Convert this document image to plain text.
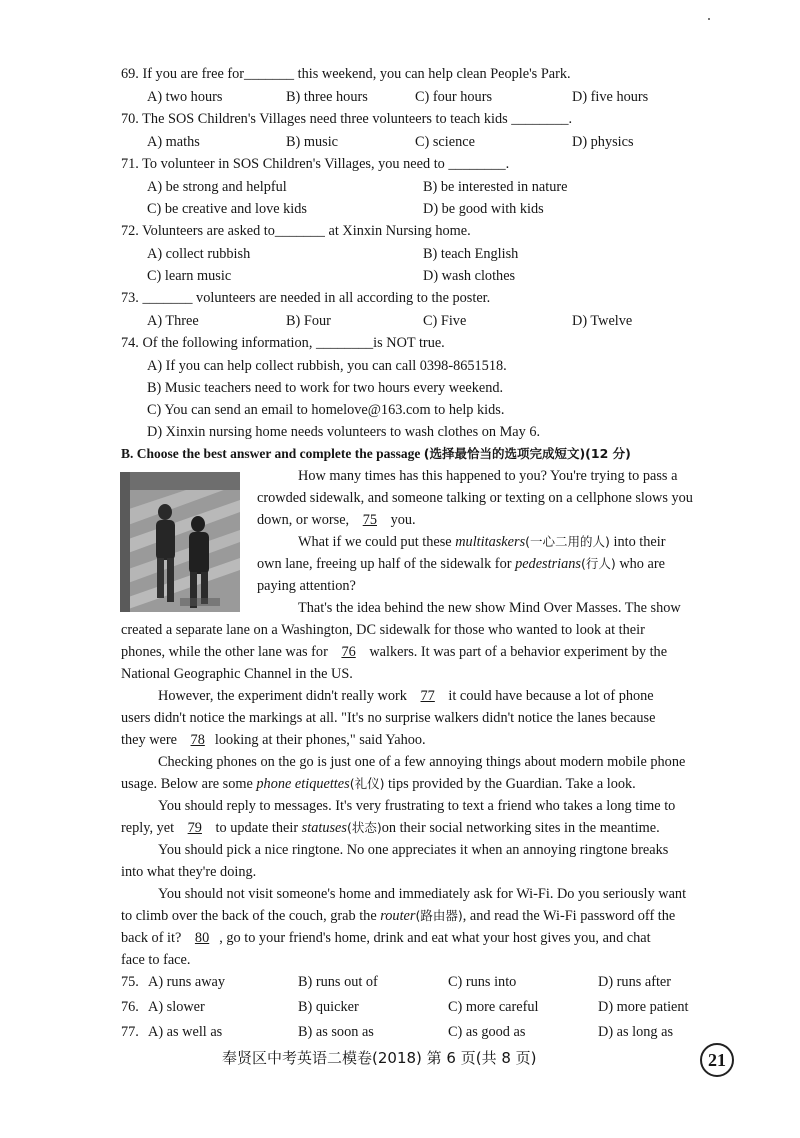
69. If you are free for_______ this weekend, you can help clean People's Park.
A) two hours	B) three hours	C) four hours	D) five hours
70. The SOS Children's Villages need three volunteers to teach kids ________.
A) maths	B) music	C) science	D) physics
71. To volunteer in SOS Children's Villages, you need to ________.
A) be strong and helpful	B) be interested in nature
C) be creative and love kids	D) be good with kids
72. Volunteers are asked to_______ at Xinxin Nursing home.
A) collect rubbish	B) teach English
C) learn music	D) wash clothes
73. _______ volunteers are needed in all according to the poster.
A) Three	B) Four	C) Five	D) Twelve
74. Of the following information, ________is NOT true.
A) If you can help collect rubbish, you can call 0398-8651518.
B) Music teachers need to work for two hours every weekend.
C) You can send an email to homelove@163.com to help kids.
D) Xinxin nursing home needs volunteers to wash clothes on May 6.
B. Choose the best answer and complete the passage (选择最恰当的选项完成短文)(12 分)
How many times has this happened to you? You're trying to pass a
crowded sidewalk, and someone talking or texting on a cellphone slows you
down, or worse, 75 you.
What if we could put these multitaskers(一心二用的人) into their
own lane, freeing up half of the sidewalk for pedestrians(行人) who are
paying attention?
That's the idea behind the new show Mind Over Masses. The show
created a separate lane on a Washington, DC sidewalk for those who wanted to look at their
phones, while the other lane was for 76 walkers. It was part of a behavior experiment by the
National Geographic Channel in the US.
However, the experiment didn't really work 77 it could have because a lot of phone
users didn't notice the markings at all. "It's no surprise walkers didn't notice the lanes because
they were 78 looking at their phones," said Yahoo.
Checking phones on the go is just one of a few annoying things about modern mobile phone
usage. Below are some phone etiquettes(礼仪) tips provided by the Guardian. Take a look.
You should reply to messages. It's very frustrating to text a friend who takes a long time to
reply, yet 79 to update their statuses(状态)on their social networking sites in the meantime.
You should pick a nice ringtone. No one appreciates it when an annoying ringtone breaks
into what they're doing.
You should not visit someone's home and immediately ask for Wi-Fi. Do you seriously want
to climb over the back of the couch, grab the router(路由器), and read the Wi-Fi password off the
back of it? 80 , go to your friend's home, drink and eat what your host gives you, and chat
face to face.
75. A) runs away	B) runs out of	C) runs into	D) runs after
76. A) slower	B) quicker	C) more careful	D) more patient
77. A) as well as	B) as soon as	C) as good as	D) as long as
奉贤区中考英语二模卷(2018) 第 6 页(共 8 页)	21
